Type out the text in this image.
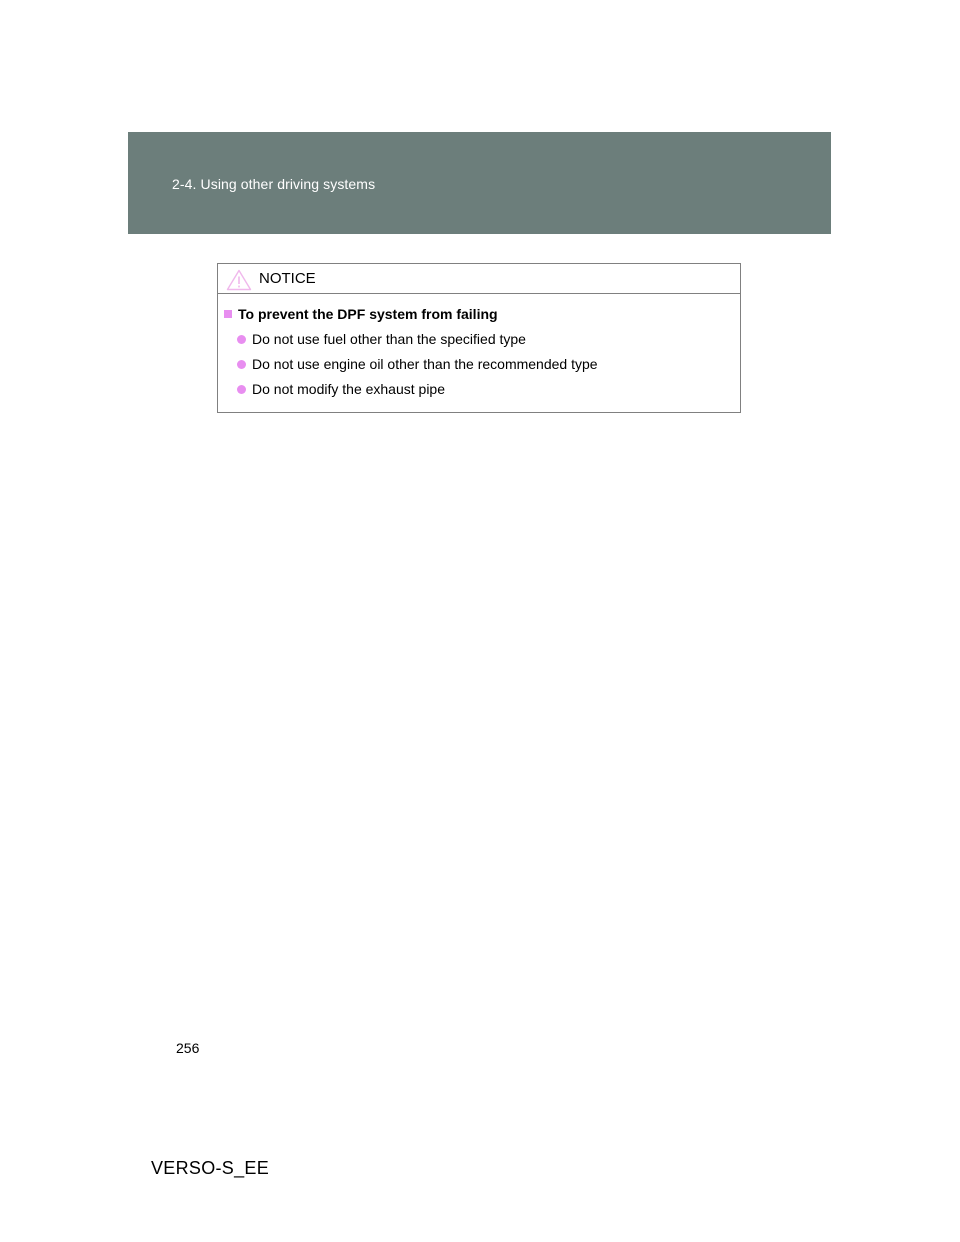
2-4. Using other driving systems
NOTICE
To prevent the DPF system from failing
Do not use fuel other than the specified type
Do not use engine oil other than the recommended type
Do not modify the exhaust pipe
256
VERSO-S_EE
